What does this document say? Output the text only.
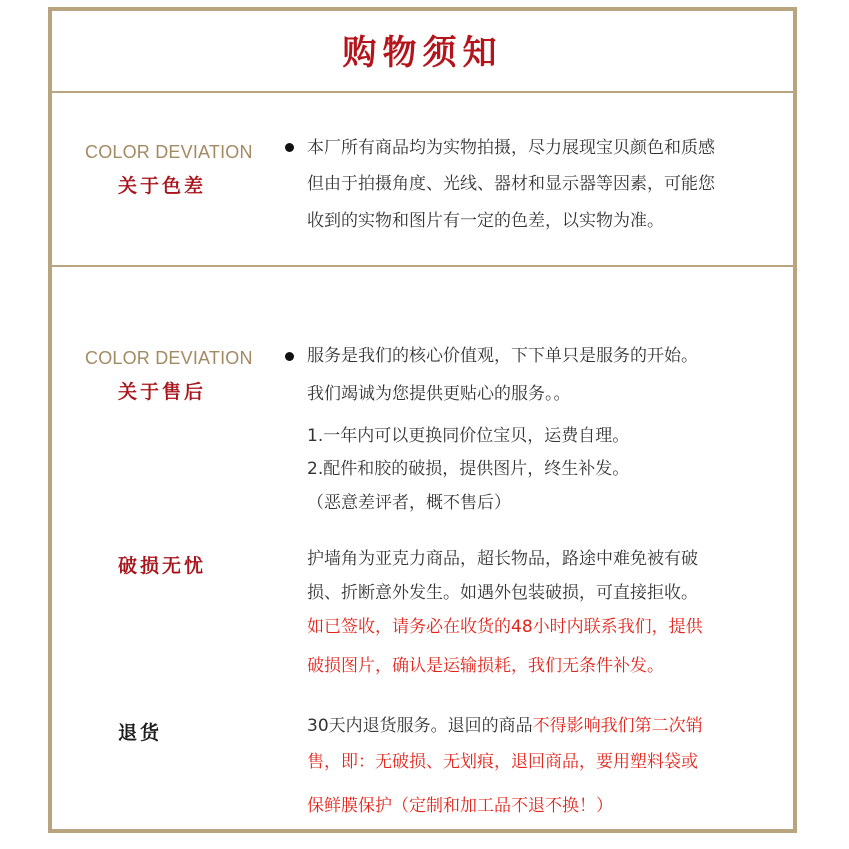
购物须知
COLOR DEVIATION
关于色差
本厂所有商品均为实物拍摄，尽力展现宝贝颜色和质感
但由于拍摄角度、光线、器材和显示器等因素，可能您
收到的实物和图片有一定的色差，以实物为准。
COLOR DEVIATION
关于售后
服务是我们的核心价值观，下下单只是服务的开始。
我们竭诚为您提供更贴心的服务。。
1.一年内可以更换同价位宝贝，运费自理。
2.配件和胶的破损，提供图片，终生补发。
（恶意差评者，概不售后）
破损无忧	护墙角为亚克力商品，超长物品，路途中难免被有破
损、折断意外发生。如遇外包装破损，可直接拒收。
如已签收，请务必在收货的48小时内联系我们，提供
破损图片，确认是运输损耗，我们无条件补发。
退货	30天内退货服务。退回的商品不得影响我们第二次销
售，即：无破损、无划痕，退回商品，要用塑料袋或
保鲜膜保护（定制和加工品不退不换！）
